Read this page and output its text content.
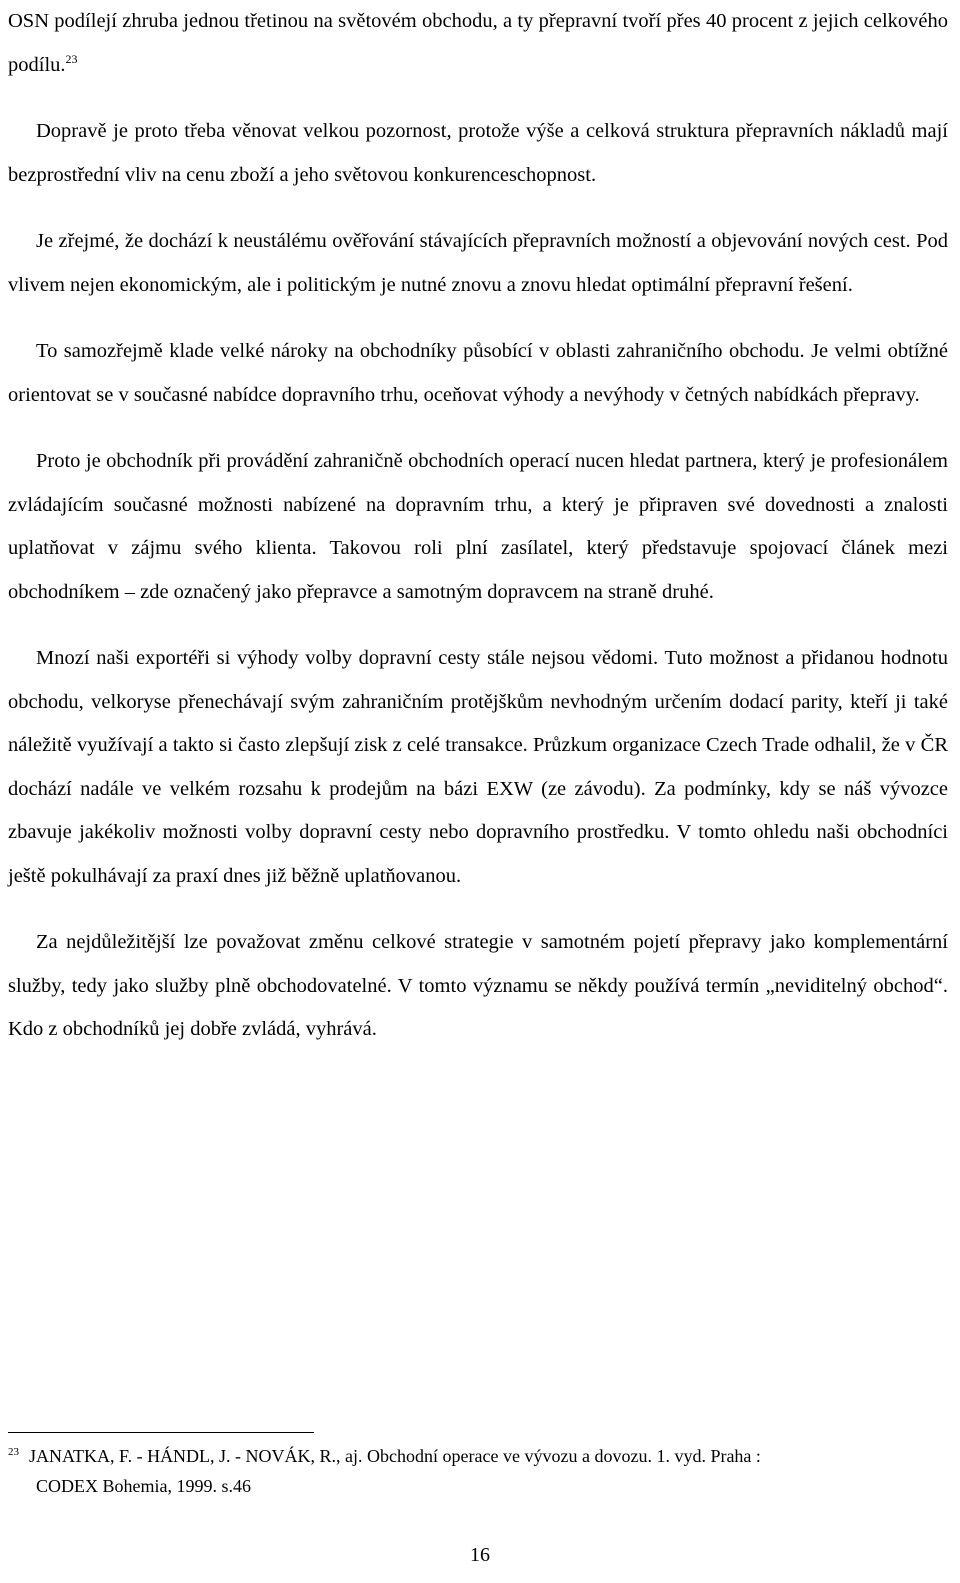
OSN podílejí zhruba jednou třetinou na světovém obchodu, a ty přepravní tvoří přes 40 procent z jejich celkového podílu.$^{23}$

Dopravě je proto třeba věnovat velkou pozornost, protože výše a celková struktura přepravních nákladů mají bezprostřední vliv na cenu zboží a jeho světovou konkurenceschopnost.

Je zřejmé, že dochází k neustálému ověřování stávajících přepravních možností a objevování nových cest. Pod vlivem nejen ekonomickým, ale i politickým je nutné znovu a znovu hledat optimální přepravní řešení.

To samozřejmě klade velké nároky na obchodníky působící v oblasti zahraničního obchodu. Je velmi obtížné orientovat se v současné nabídce dopravního trhu, oceňovat výhody a nevýhody v četných nabídkách přepravy.

Proto je obchodník při provádění zahraničně obchodních operací nucen hledat partnera, který je profesionálem zvládajícím současné možnosti nabízené na dopravním trhu, a který je připraven své dovednosti a znalosti uplatňovat v zájmu svého klienta. Takovou roli plní zasílatel, který představuje spojovací článek mezi obchodníkem – zde označený jako přepravce a samotným dopravcem na straně druhé.

Mnozí naši exportéři si výhody volby dopravní cesty stále nejsou vědomi. Tuto možnost a přidanou hodnotu obchodu, velkoryse přenechávají svým zahraničním protějškům nevhodným určením dodací parity, kteří ji také náležitě využívají a takto si často zlepšují zisk z celé transakce. Průzkum organizace Czech Trade odhalil, že v ČR dochází nadále ve velkém rozsahu k prodejům na bázi EXW (ze závodu). Za podmínky, kdy se náš vývozce zbavuje jakékoliv možnosti volby dopravní cesty nebo dopravního prostředku. V tomto ohledu naši obchodníci ještě pokulhávají za praxí dnes již běžně uplatňovanou.

Za nejdůležitější lze považovat změnu celkové strategie v samotném pojetí přepravy jako komplementární služby, tedy jako služby plně obchodovatelné. V tomto významu se někdy používá termín „neviditelný obchod“. Kdo z obchodníků jej dobře zvládá, vyhrává.

$^{23}$ JANATKA, F. - HÁNDL, J. - NOVÁK, R., aj. Obchodní operace ve vývozu a dovozu. 1. vyd. Praha :
CODEX Bohemia, 1999. s.46
16
